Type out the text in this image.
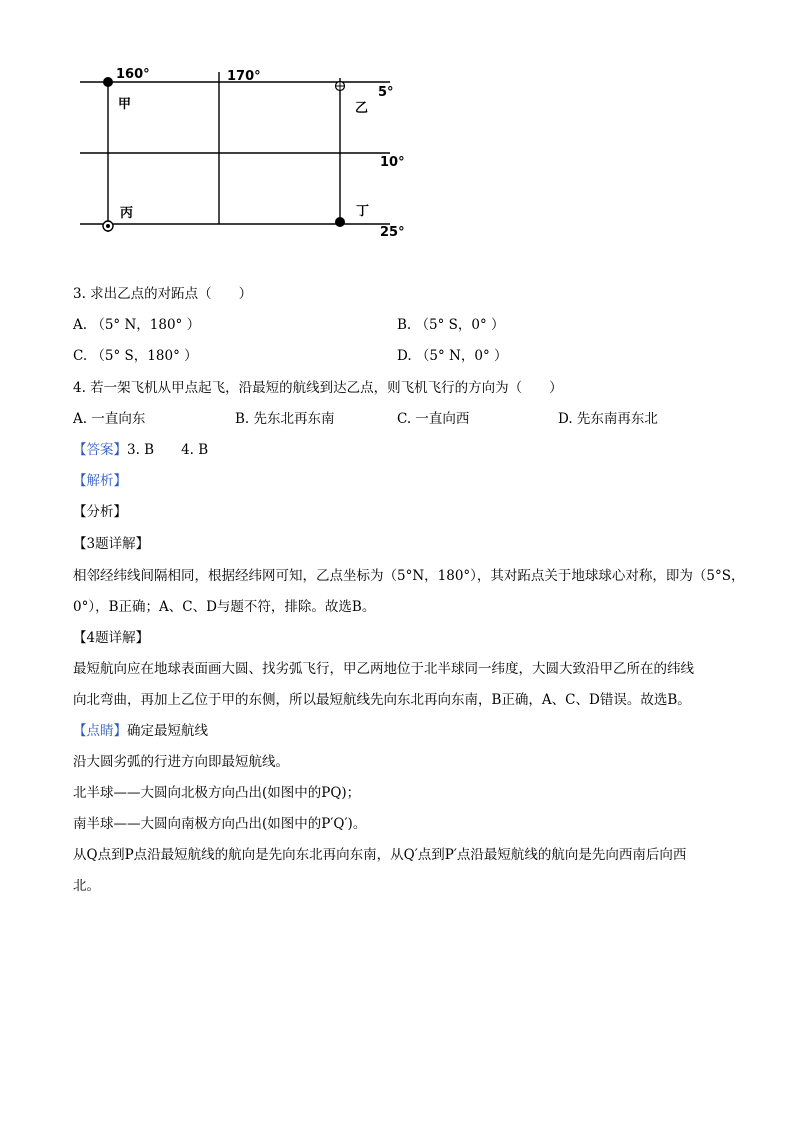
160°	170°
5°
10°
25°
甲	乙
丙	丁
3. 求出乙点的对跖点（　　）
A. （5° N，180° ）	B. （5° S，0° ）
C. （5° S，180° ）	D. （5° N，0° ）
4. 若一架飞机从甲点起飞，沿最短的航线到达乙点，则飞机飞行的方向为（　　）
A. 一直向东	B. 先东北再东南	C. 一直向西	D. 先东南再东北
【答案】3. B　　4. B
【解析】
【分析】
【3题详解】
相邻经纬线间隔相同，根据经纬网可知，乙点坐标为（5°N，180°），其对跖点关于地球球心对称，即为（5°S，
0°），B正确；A、C、D与题不符，排除。故选B。
【4题详解】
最短航向应在地球表面画大圆、找劣弧飞行，甲乙两地位于北半球同一纬度，大圆大致沿甲乙所在的纬线
向北弯曲，再加上乙位于甲的东侧，所以最短航线先向东北再向东南，B正确，A、C、D错误。故选B。
【点睛】确定最短航线
沿大圆劣弧的行进方向即最短航线。
北半球——大圆向北极方向凸出(如图中的PQ)；
南半球——大圆向南极方向凸出(如图中的P′Q′)。
从Q点到P点沿最短航线的航向是先向东北再向东南，从Q′点到P′点沿最短航线的航向是先向西南后向西
北。
